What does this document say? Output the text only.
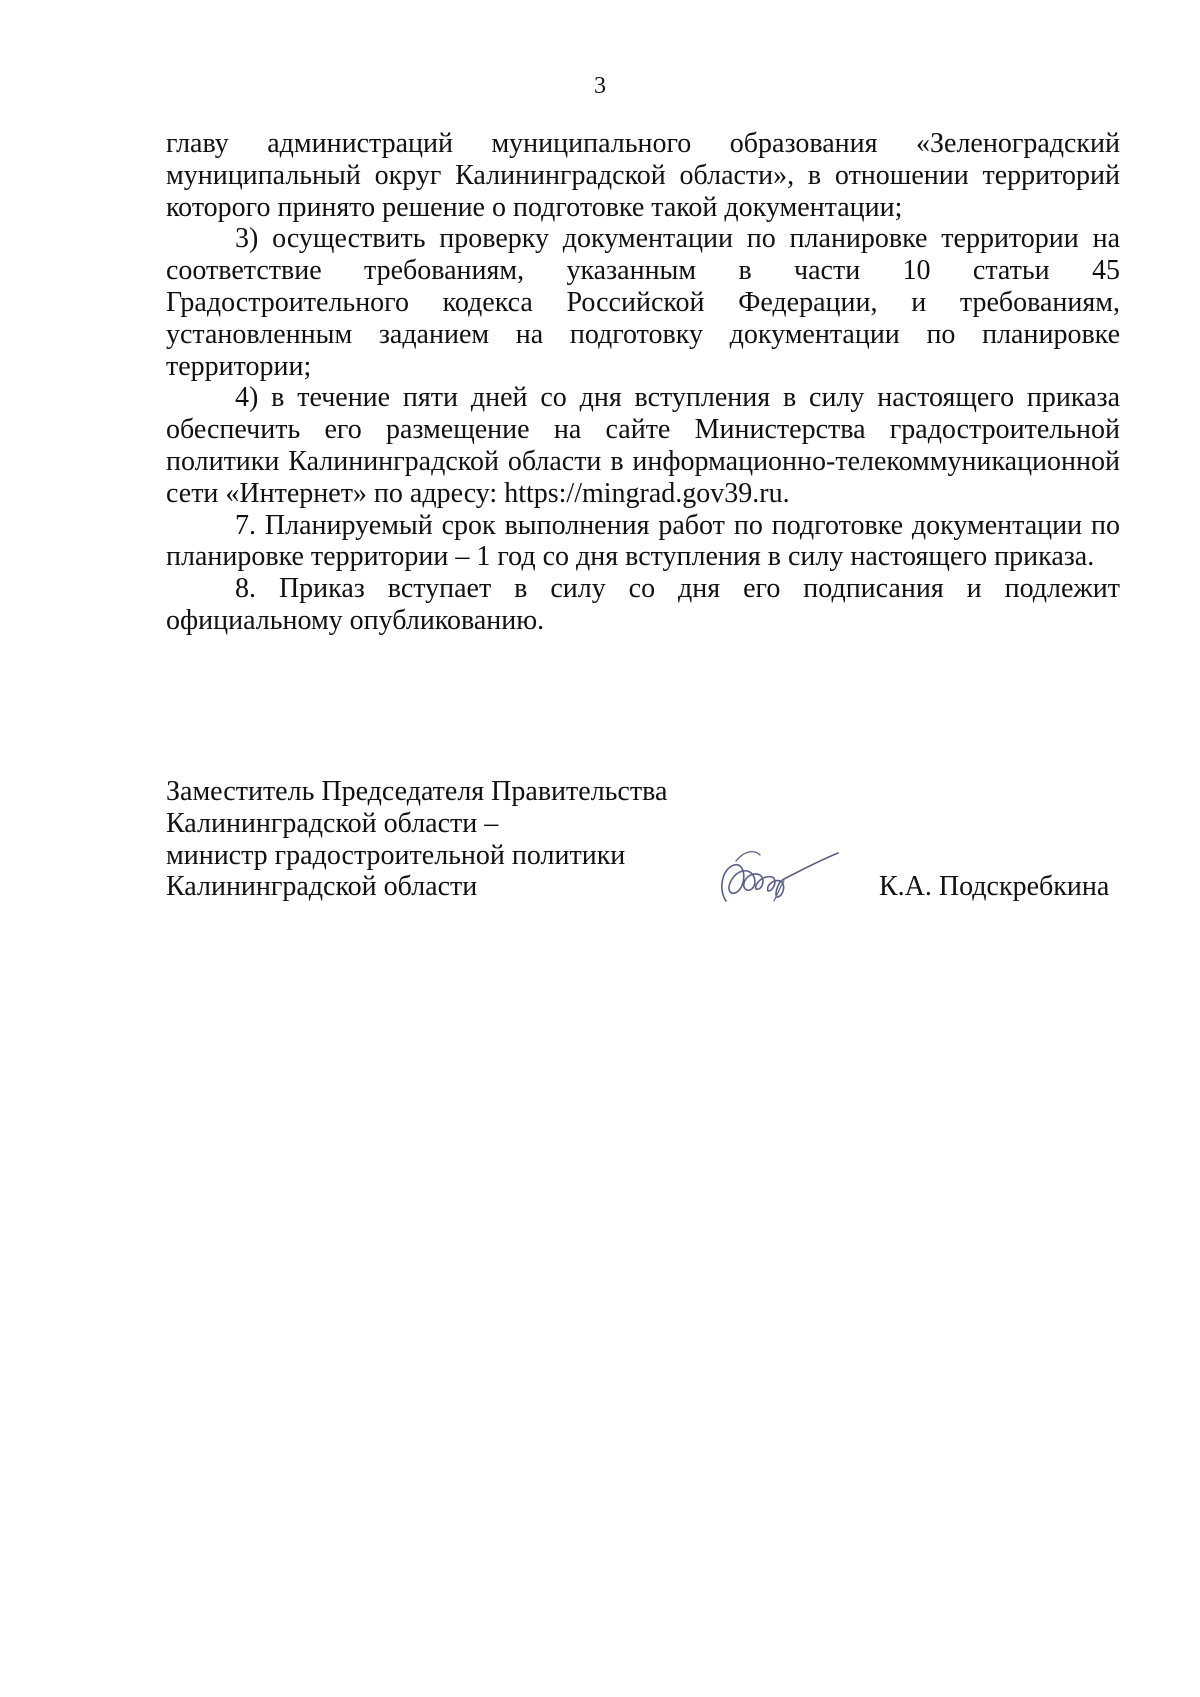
3

главу администраций муниципального образования «Зеленоградский муниципальный округ Калининградской области», в отношении территорий которого принято решение о подготовке такой документации;

3) осуществить проверку документации по планировке территории на соответствие требованиям, указанным в части 10 статьи 45 Градостроительного кодекса Российской Федерации, и требованиям, установленным заданием на подготовку документации по планировке территории;

4) в течение пяти дней со дня вступления в силу настоящего приказа обеспечить его размещение на сайте Министерства градостроительной политики Калининградской области в информационно-телекоммуникационной сети «Интернет» по адресу: https://mingrad.gov39.ru.

7. Планируемый срок выполнения работ по подготовке документации по планировке территории – 1 год со дня вступления в силу настоящего приказа.

8. Приказ вступает в силу со дня его подписания и подлежит официальному опубликованию.

Заместитель Председателя Правительства
Калининградской области –
министр градостроительной политики
Калининградской области	К.А. Подскребкина
